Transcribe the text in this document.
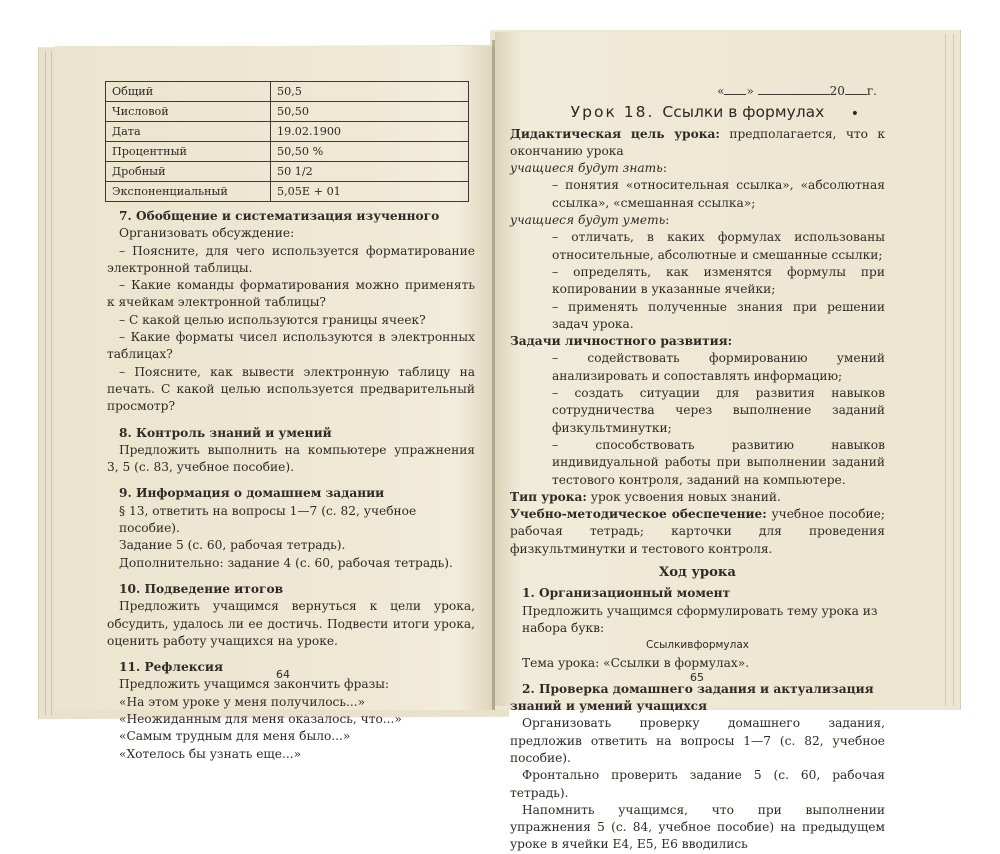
Общий	50,5
Числовой	50,50
Дата	19.02.1900
Процентный	50,50 %
Дробный	50 1/2
Экспоненциальный	5,05E + 01
7. Обобщение и систематизация изученного
Организовать обсуждение:
– Поясните, для чего используется форматирование электронной таблицы.
– Какие команды форматирования можно применять к ячейкам электронной таблицы?
– С какой целью используются границы ячеек?
– Какие форматы чисел используются в электронных таблицах?
– Поясните, как вывести электронную таблицу на печать. С какой целью используется предварительный просмотр?
8. Контроль знаний и умений
Предложить выполнить на компьютере упражнения 3, 5 (с. 83, учебное пособие).
9. Информация о домашнем задании
§ 13, ответить на вопросы 1—7 (с. 82, учебное пособие).
Задание 5 (с. 60, рабочая тетрадь).
Дополнительно: задание 4 (с. 60, рабочая тетрадь).
10. Подведение итогов
Предложить учащимся вернуться к цели урока, обсудить, удалось ли ее достичь. Подвести итоги урока, оценить работу учащихся на уроке.
11. Рефлексия
Предложить учащимся закончить фразы:
«На этом уроке у меня получилось...»
«Неожиданным для меня оказалось, что...»
«Самым трудным для меня было...»
«Хотелось бы узнать еще...»
64
« »	20 г.
Урок 18. Ссылки в формулах •
Дидактическая цель урока: предполагается, что к окончанию урока
учащиеся будут знать:
– понятия «относительная ссылка», «абсолютная ссылка», «смешанная ссылка»;
учащиеся будут уметь:
– отличать, в каких формулах использованы относительные, абсолютные и смешанные ссылки;
– определять, как изменятся формулы при копировании в указанные ячейки;
– применять полученные знания при решении задач урока.
Задачи личностного развития:
– содействовать формированию умений анализировать и сопоставлять информацию;
– создать ситуации для развития навыков сотрудничества через выполнение заданий физкультминутки;
– способствовать развитию навыков индивидуальной работы при выполнении заданий тестового контроля, заданий на компьютере.
Тип урока: урок усвоения новых знаний.
Учебно-методическое обеспечение: учебное пособие; рабочая тетрадь; карточки для проведения физкультминутки и тестового контроля.
Ход урока
1. Организационный момент
Предложить учащимся сформулировать тему урока из набора букв:
Ссылкивформулах
Тема урока: «Ссылки в формулах».
2. Проверка домашнего задания и актуализация знаний и умений учащихся
Организовать проверку домашнего задания, предложив ответить на вопросы 1—7 (с. 82, учебное пособие).
Фронтально проверить задание 5 (с. 60, рабочая тетрадь).
Напомнить учащимся, что при выполнении упражнения 5 (с. 84, учебное пособие) на предыдущем уроке в ячейки E4, E5, E6 вводились
65
